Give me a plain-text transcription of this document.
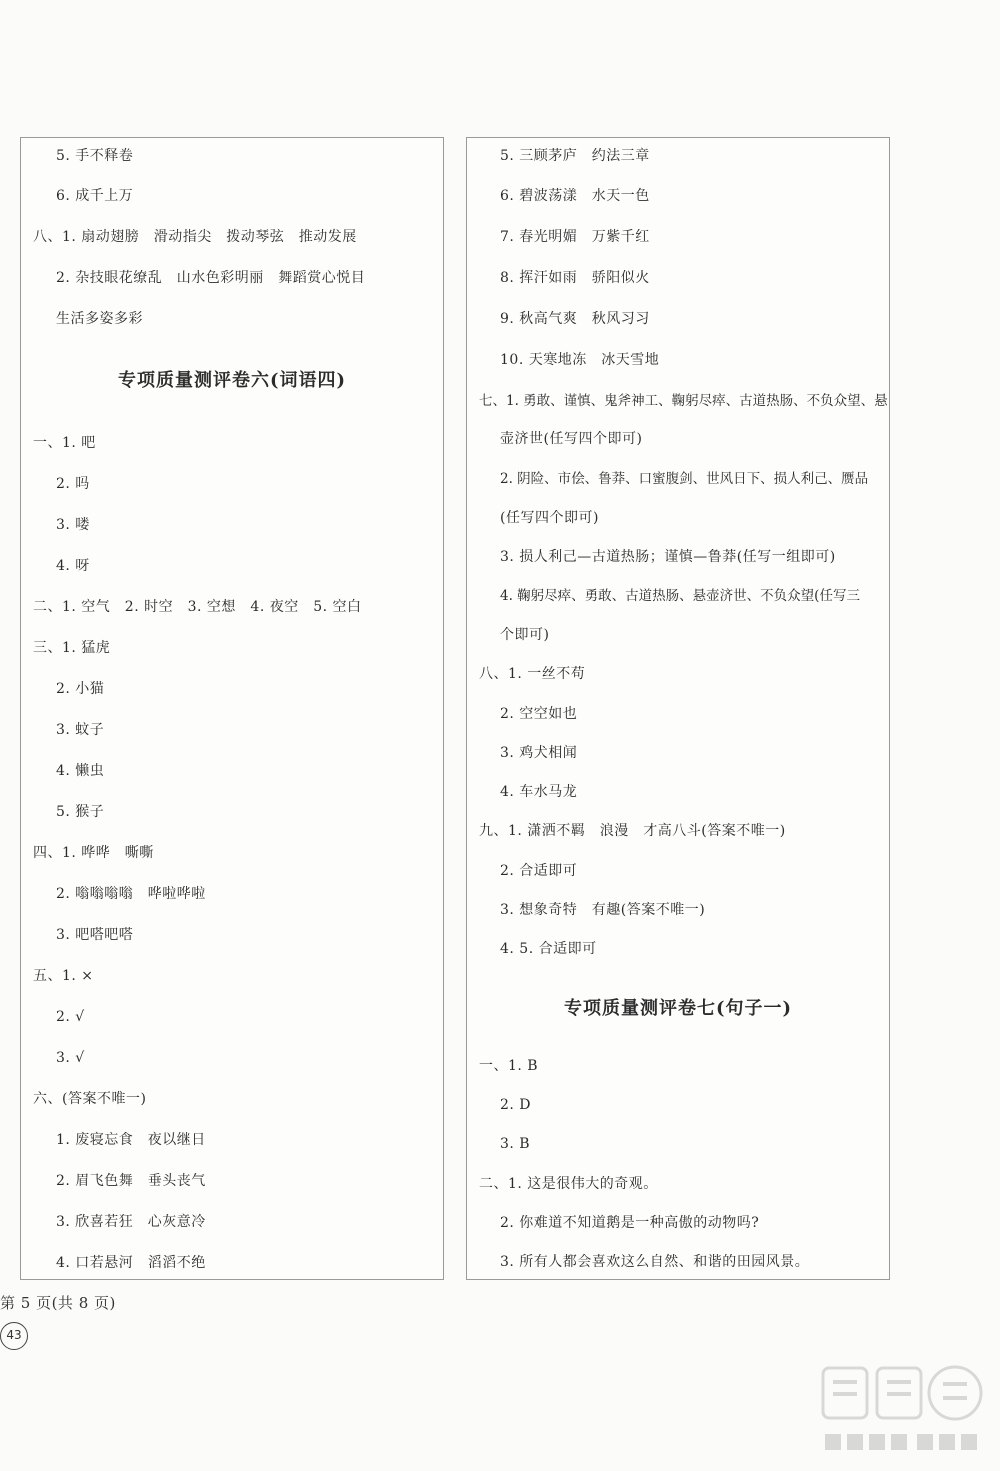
5. 手不释卷
6. 成千上万
八、1. 扇动翅膀　滑动指尖　拨动琴弦　推动发展
2. 杂技眼花缭乱　山水色彩明丽　舞蹈赏心悦目
生活多姿多彩
专项质量测评卷六(词语四)
一、1. 吧
2. 吗
3. 喽
4. 呀
二、1. 空气　2. 时空　3. 空想　4. 夜空　5. 空白
三、1. 猛虎
2. 小猫
3. 蚊子
4. 懒虫
5. 猴子
四、1. 哗哗　嘶嘶
2. 嗡嗡嗡嗡　哗啦哗啦
3. 吧嗒吧嗒
五、1. ×
2. √
3. √
六、(答案不唯一)
1. 废寝忘食　夜以继日
2. 眉飞色舞　垂头丧气
3. 欣喜若狂　心灰意冷
4. 口若悬河　滔滔不绝
5. 三顾茅庐　约法三章
6. 碧波荡漾　水天一色
7. 春光明媚　万紫千红
8. 挥汗如雨　骄阳似火
9. 秋高气爽　秋风习习
10. 天寒地冻　冰天雪地
七、1. 勇敢、谨慎、鬼斧神工、鞠躬尽瘁、古道热肠、不负众望、悬
壶济世(任写四个即可)
2. 阴险、市侩、鲁莽、口蜜腹剑、世风日下、损人利己、赝品
(任写四个即可)
3. 损人利己—古道热肠；谨慎—鲁莽(任写一组即可)
4. 鞠躬尽瘁、勇敢、古道热肠、悬壶济世、不负众望(任写三
个即可)
八、1. 一丝不苟
2. 空空如也
3. 鸡犬相闻
4. 车水马龙
九、1. 潇洒不羁　浪漫　才高八斗(答案不唯一)
2. 合适即可
3. 想象奇特　有趣(答案不唯一)
4. 5. 合适即可
专项质量测评卷七(句子一)
一、1. B
2. D
3. B
二、1. 这是很伟大的奇观。
2. 你难道不知道鹅是一种高傲的动物吗?
3. 所有人都会喜欢这么自然、和谐的田园风景。
第 5 页(共 8 页)
43
